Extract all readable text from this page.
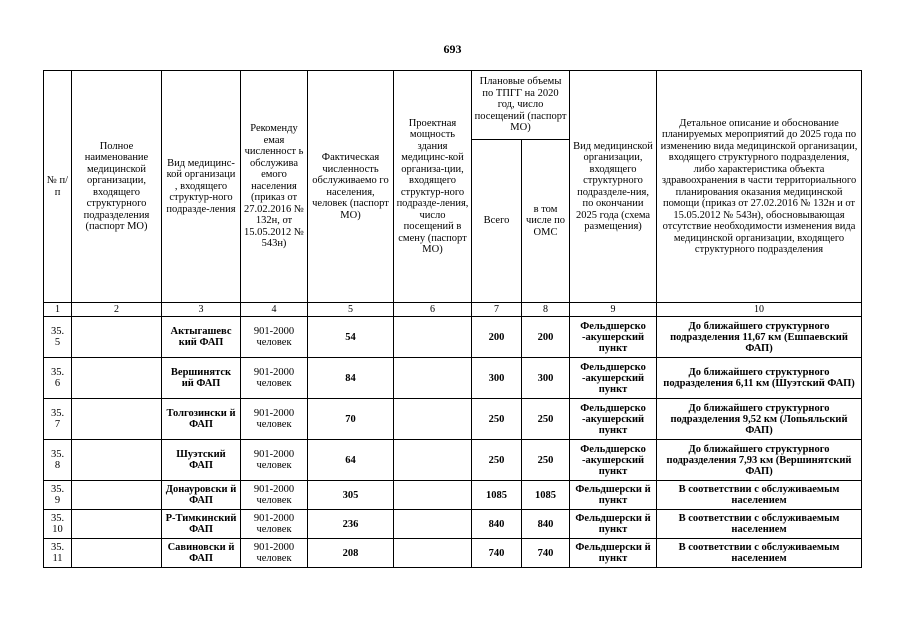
693
№ п/п	Полное наименование медицинской организации, входящего структурного подразделения (паспорт МО)	Вид медицинс-кой организаци , входящего структур-ного подразде-ления	Рекоменду емая численност ь обслужива емого населения (приказ от 27.02.2016 № 132н, от 15.05.2012 № 543н)	Фактическая численность обслуживаемо го населения, человек (паспорт МО)	Проектная мощность здания медицинс-кой организа-ции, входящего структур-ного подразде-ления, число посещений в смену (паспорт МО)	Плановые объемы по ТПГГ на 2020 год, число посещений (паспорт МО)		Вид медицинской организации, входящего структурного подразделе-ния, по окончании 2025 года (схема размещения)	Детальное описание и обоснование планируемых мероприятий до 2025 года по изменению вида медицинской организации, входящего структурного подразделения, либо характеристика объекта здравоохранения в части территориального планирования оказания медицинской помощи (приказ от 27.02.2016 № 132н и от 15.05.2012 № 543н), обосновывающая отсутствие необходимости изменения вида медицинской организации, входящего структурного подразделения
						Всего	в том числе по ОМС		
1	2	3	4	5	6	7	8	9	10
35.
5		Актыгашевс кий ФАП	901-2000 человек	54		200	200	Фельдшерско -акушерский пункт	До ближайшего структурного подразделения 11,67 км (Ешпаевский ФАП)
35.
6		Вершинятск ий ФАП	901-2000 человек	84		300	300	Фельдшерско -акушерский пункт	До ближайшего структурного подразделения 6,11 км (Шуэтский ФАП)
35.
7		Толгозински й ФАП	901-2000 человек	70		250	250	Фельдшерско -акушерский пункт	До ближайшего структурного подразделения 9,52 км (Лопьяльский ФАП)
35.
8		Шуэтский ФАП	901-2000 человек	64		250	250	Фельдшерско -акушерский пункт	До ближайшего структурного подразделения 7,93 км (Вершинятский ФАП)
35.
9		Донауровски й ФАП	901-2000 человек	305		1085	1085	Фельдшерски й пункт	В соответствии с обслуживаемым населением
35.
10		Р-Тимкинский ФАП	901-2000 человек	236		840	840	Фельдшерски й пункт	В соответствии с обслуживаемым населением
35.
11		Савиновски й ФАП	901-2000 человек	208		740	740	Фельдшерски й пункт	В соответствии с обслуживаемым населением
